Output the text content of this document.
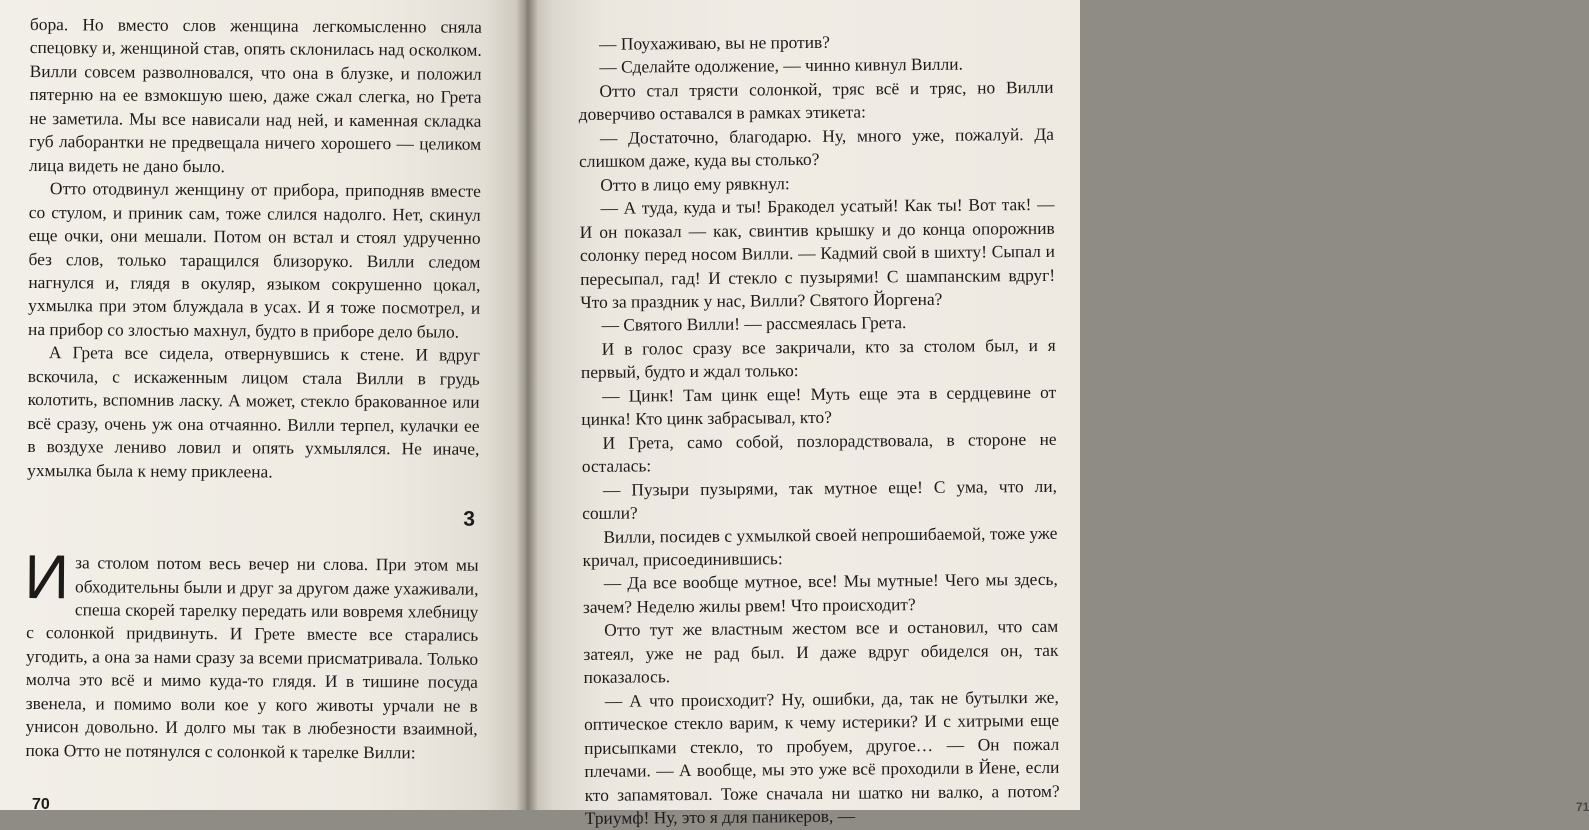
бора. Но вместо слов женщина легкомысленно сняла спецовку и, женщиной став, опять склонилась над осколком. Вилли совсем разволновался, что она в блузке, и положил пятерню на ее взмокшую шею, даже сжал слегка, но Грета не заметила. Мы все нависали над ней, и каменная складка губ лаборантки не предвещала ничего хорошего — целиком лица видеть не дано было.

Отто отодвинул женщину от прибора, приподняв вместе со стулом, и приник сам, тоже слился надолго. Нет, скинул еще очки, они мешали. Потом он встал и стоял удрученно без слов, только таращился близоруко. Вилли следом нагнулся и, глядя в окуляр, языком сокрушенно цокал, ухмылка при этом блуждала в усах. И я тоже посмотрел, и на прибор со злостью махнул, будто в приборе дело было.

А Грета все сидела, отвернувшись к стене. И вдруг вскочила, с искаженным лицом стала Вилли в грудь колотить, вспомнив ласку. А может, стекло бракованное или всё сразу, очень уж она отчаянно. Вилли терпел, кулачки ее в воздухе лениво ловил и опять ухмылялся. Не иначе, ухмылка была к нему приклеена.

3

Иза столом потом весь вечер ни слова. При этом мы обходительны были и друг за другом даже ухаживали, спеша скорей тарелку передать или вовремя хлебницу с солонкой придвинуть. И Грете вместе все старались угодить, а она за нами сразу за всеми присматривала. Только молча это всё и мимо куда-то глядя. И в тишине посуда звенела, и помимо воли кое у кого животы урчали не в унисон довольно. И долго мы так в любезности взаимной, пока Отто не потянулся с солонкой к тарелке Вилли:

70

— Поухаживаю, вы не против?

— Сделайте одолжение, — чинно кивнул Вилли.

Отто стал трясти солонкой, тряс всё и тряс, но Вилли доверчиво оставался в рамках этикета:

— Достаточно, благодарю. Ну, много уже, пожалуй. Да слишком даже, куда вы столько?

Отто в лицо ему рявкнул:

— А туда, куда и ты! Бракодел усатый! Как ты! Вот так! — И он показал — как, свинтив крышку и до конца опорожнив солонку перед носом Вилли. — Кадмий свой в шихту! Сыпал и пересыпал, гад! И стекло с пузырями! С шампанским вдруг! Что за праздник у нас, Вилли? Святого Йоргена?

— Святого Вилли! — рассмеялась Грета.

И в голос сразу все закричали, кто за столом был, и я первый, будто и ждал только:

— Цинк! Там цинк еще! Муть еще эта в сердцевине от цинка! Кто цинк забрасывал, кто?

И Грета, само собой, позлорадствовала, в стороне не осталась:

— Пузыри пузырями, так мутное еще! С ума, что ли, сошли?

Вилли, посидев с ухмылкой своей непрошибаемой, тоже уже кричал, присоединившись:

— Да все вообще мутное, все! Мы мутные! Чего мы здесь, зачем? Неделю жилы рвем! Что происходит?

Отто тут же властным жестом все и остановил, что сам затеял, уже не рад был. И даже вдруг обиделся он, так показалось.

— А что происходит? Ну, ошибки, да, так не бутылки же, оптическое стекло варим, к чему истерики? И с хитрыми еще присыпками стекло, то пробуем, другое… — Он пожал плечами. — А вообще, мы это уже всё проходили в Йене, если кто запамятовал. Тоже сначала ни шатко ни валко, а потом? Триумф! Ну, это я для паникеров, —	71
